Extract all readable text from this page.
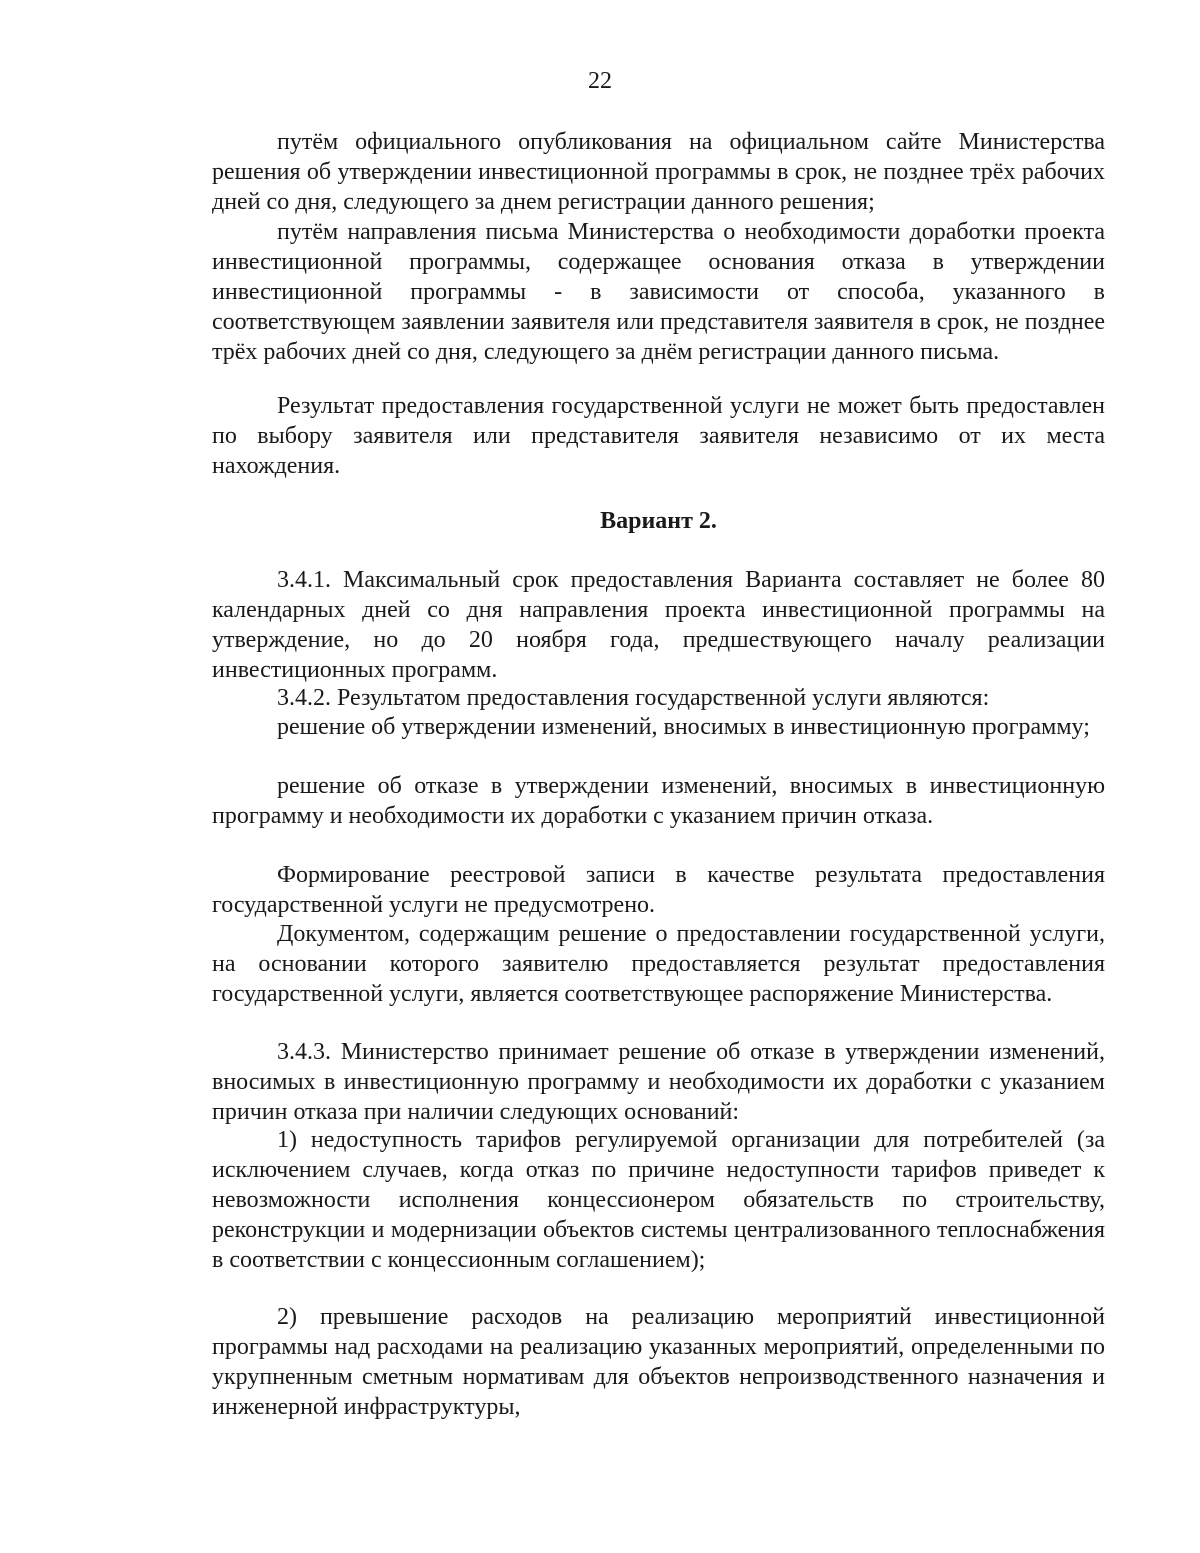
22

путём официального опубликования на официальном сайте Министерства решения об утверждении инвестиционной программы в срок, не позднее трёх рабочих дней со дня, следующего за днем регистрации данного решения;

путём направления письма Министерства о необходимости доработки проекта инвестиционной программы, содержащее основания отказа в утверждении инвестиционной программы - в зависимости от способа, указанного в соответствующем заявлении заявителя или представителя заявителя в срок, не позднее трёх рабочих дней со дня, следующего за днём регистрации данного письма.

Результат предоставления государственной услуги не может быть предоставлен по выбору заявителя или представителя заявителя независимо от их места нахождения.

Вариант 2.

3.4.1. Максимальный срок предоставления Варианта составляет не более 80 календарных дней со дня направления проекта инвестиционной программы на утверждение, но до 20 ноября года, предшествующего началу реализации инвестиционных программ.

3.4.2. Результатом предоставления государственной услуги являются:

решение об утверждении изменений, вносимых в инвестиционную программу;

решение об отказе в утверждении изменений, вносимых в инвестиционную программу и необходимости их доработки с указанием причин отказа.

Формирование реестровой записи в качестве результата предоставления государственной услуги не предусмотрено.

Документом, содержащим решение о предоставлении государственной услуги, на основании которого заявителю предоставляется результат предоставления государственной услуги, является соответствующее распоряжение Министерства.

3.4.3. Министерство принимает решение об отказе в утверждении изменений, вносимых в инвестиционную программу и необходимости их доработки с указанием причин отказа при наличии следующих оснований:

1) недоступность тарифов регулируемой организации для потребителей (за исключением случаев, когда отказ по причине недоступности тарифов приведет к невозможности исполнения концессионером обязательств по строительству, реконструкции и модернизации объектов системы централизованного теплоснабжения в соответствии с концессионным соглашением);

2) превышение расходов на реализацию мероприятий инвестиционной программы над расходами на реализацию указанных мероприятий, определенными по укрупненным сметным нормативам для объектов непроизводственного назначения и инженерной инфраструктуры,
